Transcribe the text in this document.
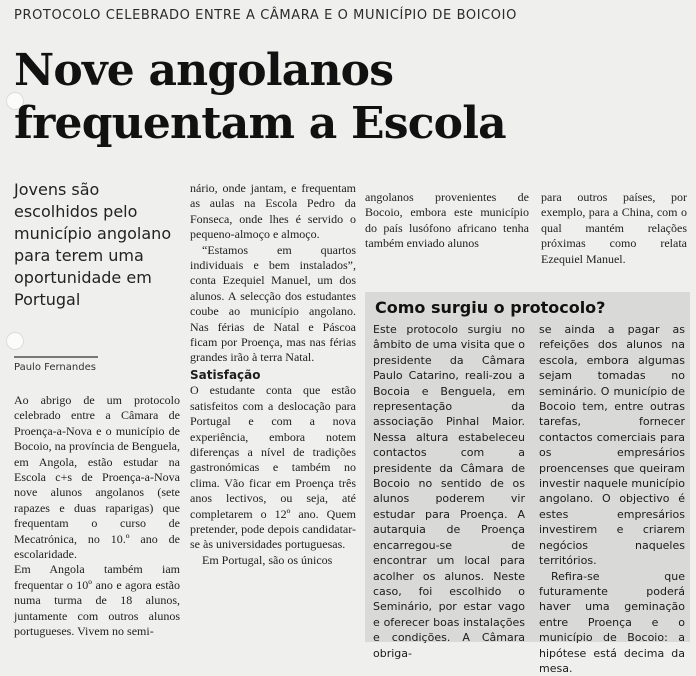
PROTOCOLO CELEBRADO ENTRE A CÂMARA E O MUNICÍPIO DE BOICOIO
Nove angolanos frequentam a Escola
Jovens são escolhidos pelo município angolano para terem uma oportunidade em Portugal
Paulo Fernandes

Ao abrigo de um protocolo celebrado entre a Câmara de Proença-a-Nova e o município de Bocoio, na província de Benguela, em Angola, estão estudar na Escola c+s de Proença-a-Nova nove alunos angolanos (sete rapazes e duas raparigas) que frequentam o curso de Mecatrónica, no 10.º ano de escolaridade.

Em Angola também iam frequentar o 10º ano e agora estão numa turma de 18 alunos, juntamente com outros alunos portugueses. Vivem no semi-

nário, onde jantam, e frequentam as aulas na Escola Pedro da Fonseca, onde lhes é servido o pequeno-almoço e almoço.

“Estamos em quartos individuais e bem instalados”, conta Ezequiel Manuel, um dos alunos. A selecção dos estudantes coube ao município angolano. Nas férias de Natal e Páscoa ficam por Proença, mas nas férias grandes irão à terra Natal.

Satisfação

O estudante conta que estão satisfeitos com a deslocação para Portugal e com a nova experiência, embora notem diferenças a nível de tradições gastronómicas e também no clima. Vão ficar em Proença três anos lectivos, ou seja, até completarem o 12º ano. Quem pretender, pode depois candidatar-se às universidades portuguesas.

Em Portugal, são os únicos

angolanos provenientes de Bocoio, embora este município do país lusófono africano tenha também enviado alunos

para outros países, por exemplo, para a China, com o qual mantém relações próximas como relata Ezequiel Manuel.

Como surgiu o protocolo?

Este protocolo surgiu no âmbito de uma visita que o presidente da Câmara Paulo Catarino, reali-zou a Bocoia e Benguela, em representação da associação Pinhal Maior. Nessa altura estabeleceu contactos com a presidente da Câmara de Bocoio no sentido de os alunos poderem vir estudar para Proença. A autarquia de Proença encarregou-se de encontrar um local para acolher os alunos. Neste caso, foi escolhido o Seminário, por estar vago e oferecer boas instalações e condições. A Câmara obriga-

se ainda a pagar as refeições dos alunos na escola, embora algumas sejam tomadas no seminário. O município de Bocoio tem, entre outras tarefas, fornecer contactos comerciais para os empresários proencenses que queiram investir naquele município angolano. O objectivo é estes empresários investirem e criarem negócios naqueles territórios.

Refira-se que futuramente poderá haver uma geminação entre Proença e o município de Bocoio: a hipótese está decima da mesa.
